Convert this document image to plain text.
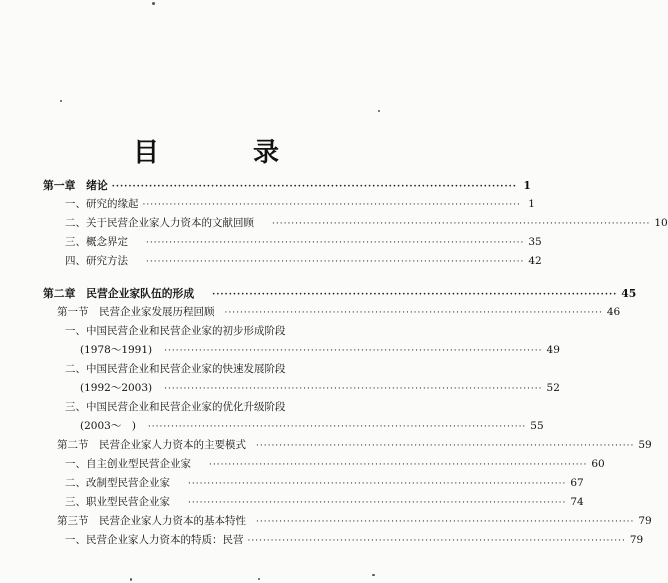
目　录
第一章　绪论 ·································································································· 1
一、研究的缘起 ·································································································· 1
二、关于民营企业家人力资本的文献回顾 ·································································································· 10
三、概念界定 ·································································································· 35
四、研究方法 ·································································································· 42
第二章　民营企业家队伍的形成 ·································································································· 45
第一节　民营企业家发展历程回顾 ·································································································· 46
一、中国民营企业和民营企业家的初步形成阶段
(1978～1991) ·································································································· 49
二、中国民营企业和民营企业家的快速发展阶段
(1992～2003) ·································································································· 52
三、中国民营企业和民营企业家的优化升级阶段
(2003～　) ·································································································· 55
第二节　民营企业家人力资本的主要模式 ·································································································· 59
一、自主创业型民营企业家 ·································································································· 60
二、改制型民营企业家 ·································································································· 67
三、职业型民营企业家 ·································································································· 74
第三节　民营企业家人力资本的基本特性 ·································································································· 79
一、民营企业家人力资本的特质：民营 ·································································································· 79
